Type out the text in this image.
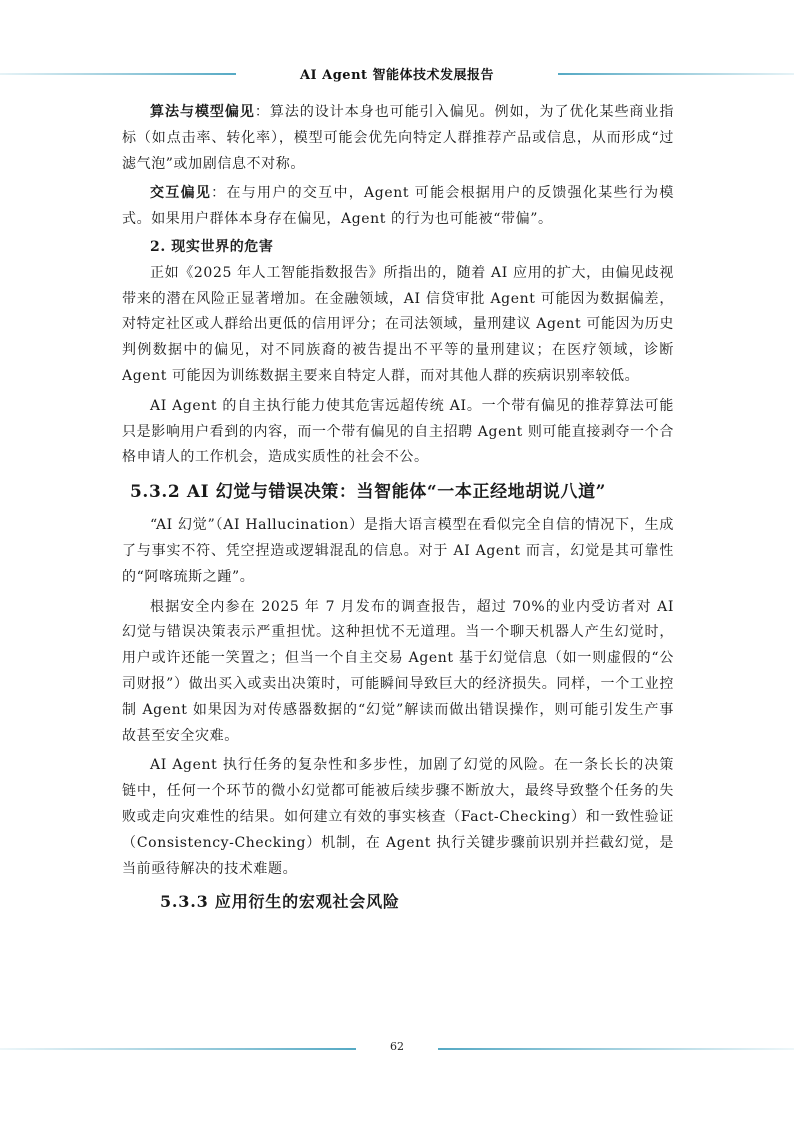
AI Agent 智能体技术发展报告

算法与模型偏见：算法的设计本身也可能引入偏见。例如，为了优化某些商业指标（如点击率、转化率），模型可能会优先向特定人群推荐产品或信息，从而形成“过滤气泡”或加剧信息不对称。

交互偏见：在与用户的交互中，Agent 可能会根据用户的反馈强化某些行为模式。如果用户群体本身存在偏见，Agent 的行为也可能被“带偏”。

2. 现实世界的危害

正如《2025 年人工智能指数报告》所指出的，随着 AI 应用的扩大，由偏见歧视带来的潜在风险正显著增加。在金融领域，AI 信贷审批 Agent 可能因为数据偏差，对特定社区或人群给出更低的信用评分；在司法领域，量刑建议 Agent 可能因为历史判例数据中的偏见，对不同族裔的被告提出不平等的量刑建议；在医疗领域，诊断 Agent 可能因为训练数据主要来自特定人群，而对其他人群的疾病识别率较低。

AI Agent 的自主执行能力使其危害远超传统 AI。一个带有偏见的推荐算法可能只是影响用户看到的内容，而一个带有偏见的自主招聘 Agent 则可能直接剥夺一个合格申请人的工作机会，造成实质性的社会不公。

5.3.2 AI 幻觉与错误决策：当智能体“一本正经地胡说八道”

“AI 幻觉”（AI Hallucination）是指大语言模型在看似完全自信的情况下，生成了与事实不符、凭空捏造或逻辑混乱的信息。对于 AI Agent 而言，幻觉是其可靠性的“阿喀琉斯之踵”。

根据安全内参在 2025 年 7 月发布的调查报告，超过 70%的业内受访者对 AI 幻觉与错误决策表示严重担忧。这种担忧不无道理。当一个聊天机器人产生幻觉时，用户或许还能一笑置之；但当一个自主交易 Agent 基于幻觉信息（如一则虚假的“公司财报”）做出买入或卖出决策时，可能瞬间导致巨大的经济损失。同样，一个工业控制 Agent 如果因为对传感器数据的“幻觉”解读而做出错误操作，则可能引发生产事故甚至安全灾难。

AI Agent 执行任务的复杂性和多步性，加剧了幻觉的风险。在一条长长的决策链中，任何一个环节的微小幻觉都可能被后续步骤不断放大，最终导致整个任务的失败或走向灾难性的结果。如何建立有效的事实核查（Fact-Checking）和一致性验证（Consistency-Checking）机制，在 Agent 执行关键步骤前识别并拦截幻觉，是当前亟待解决的技术难题。

5.3.3 应用衍生的宏观社会风险
62
